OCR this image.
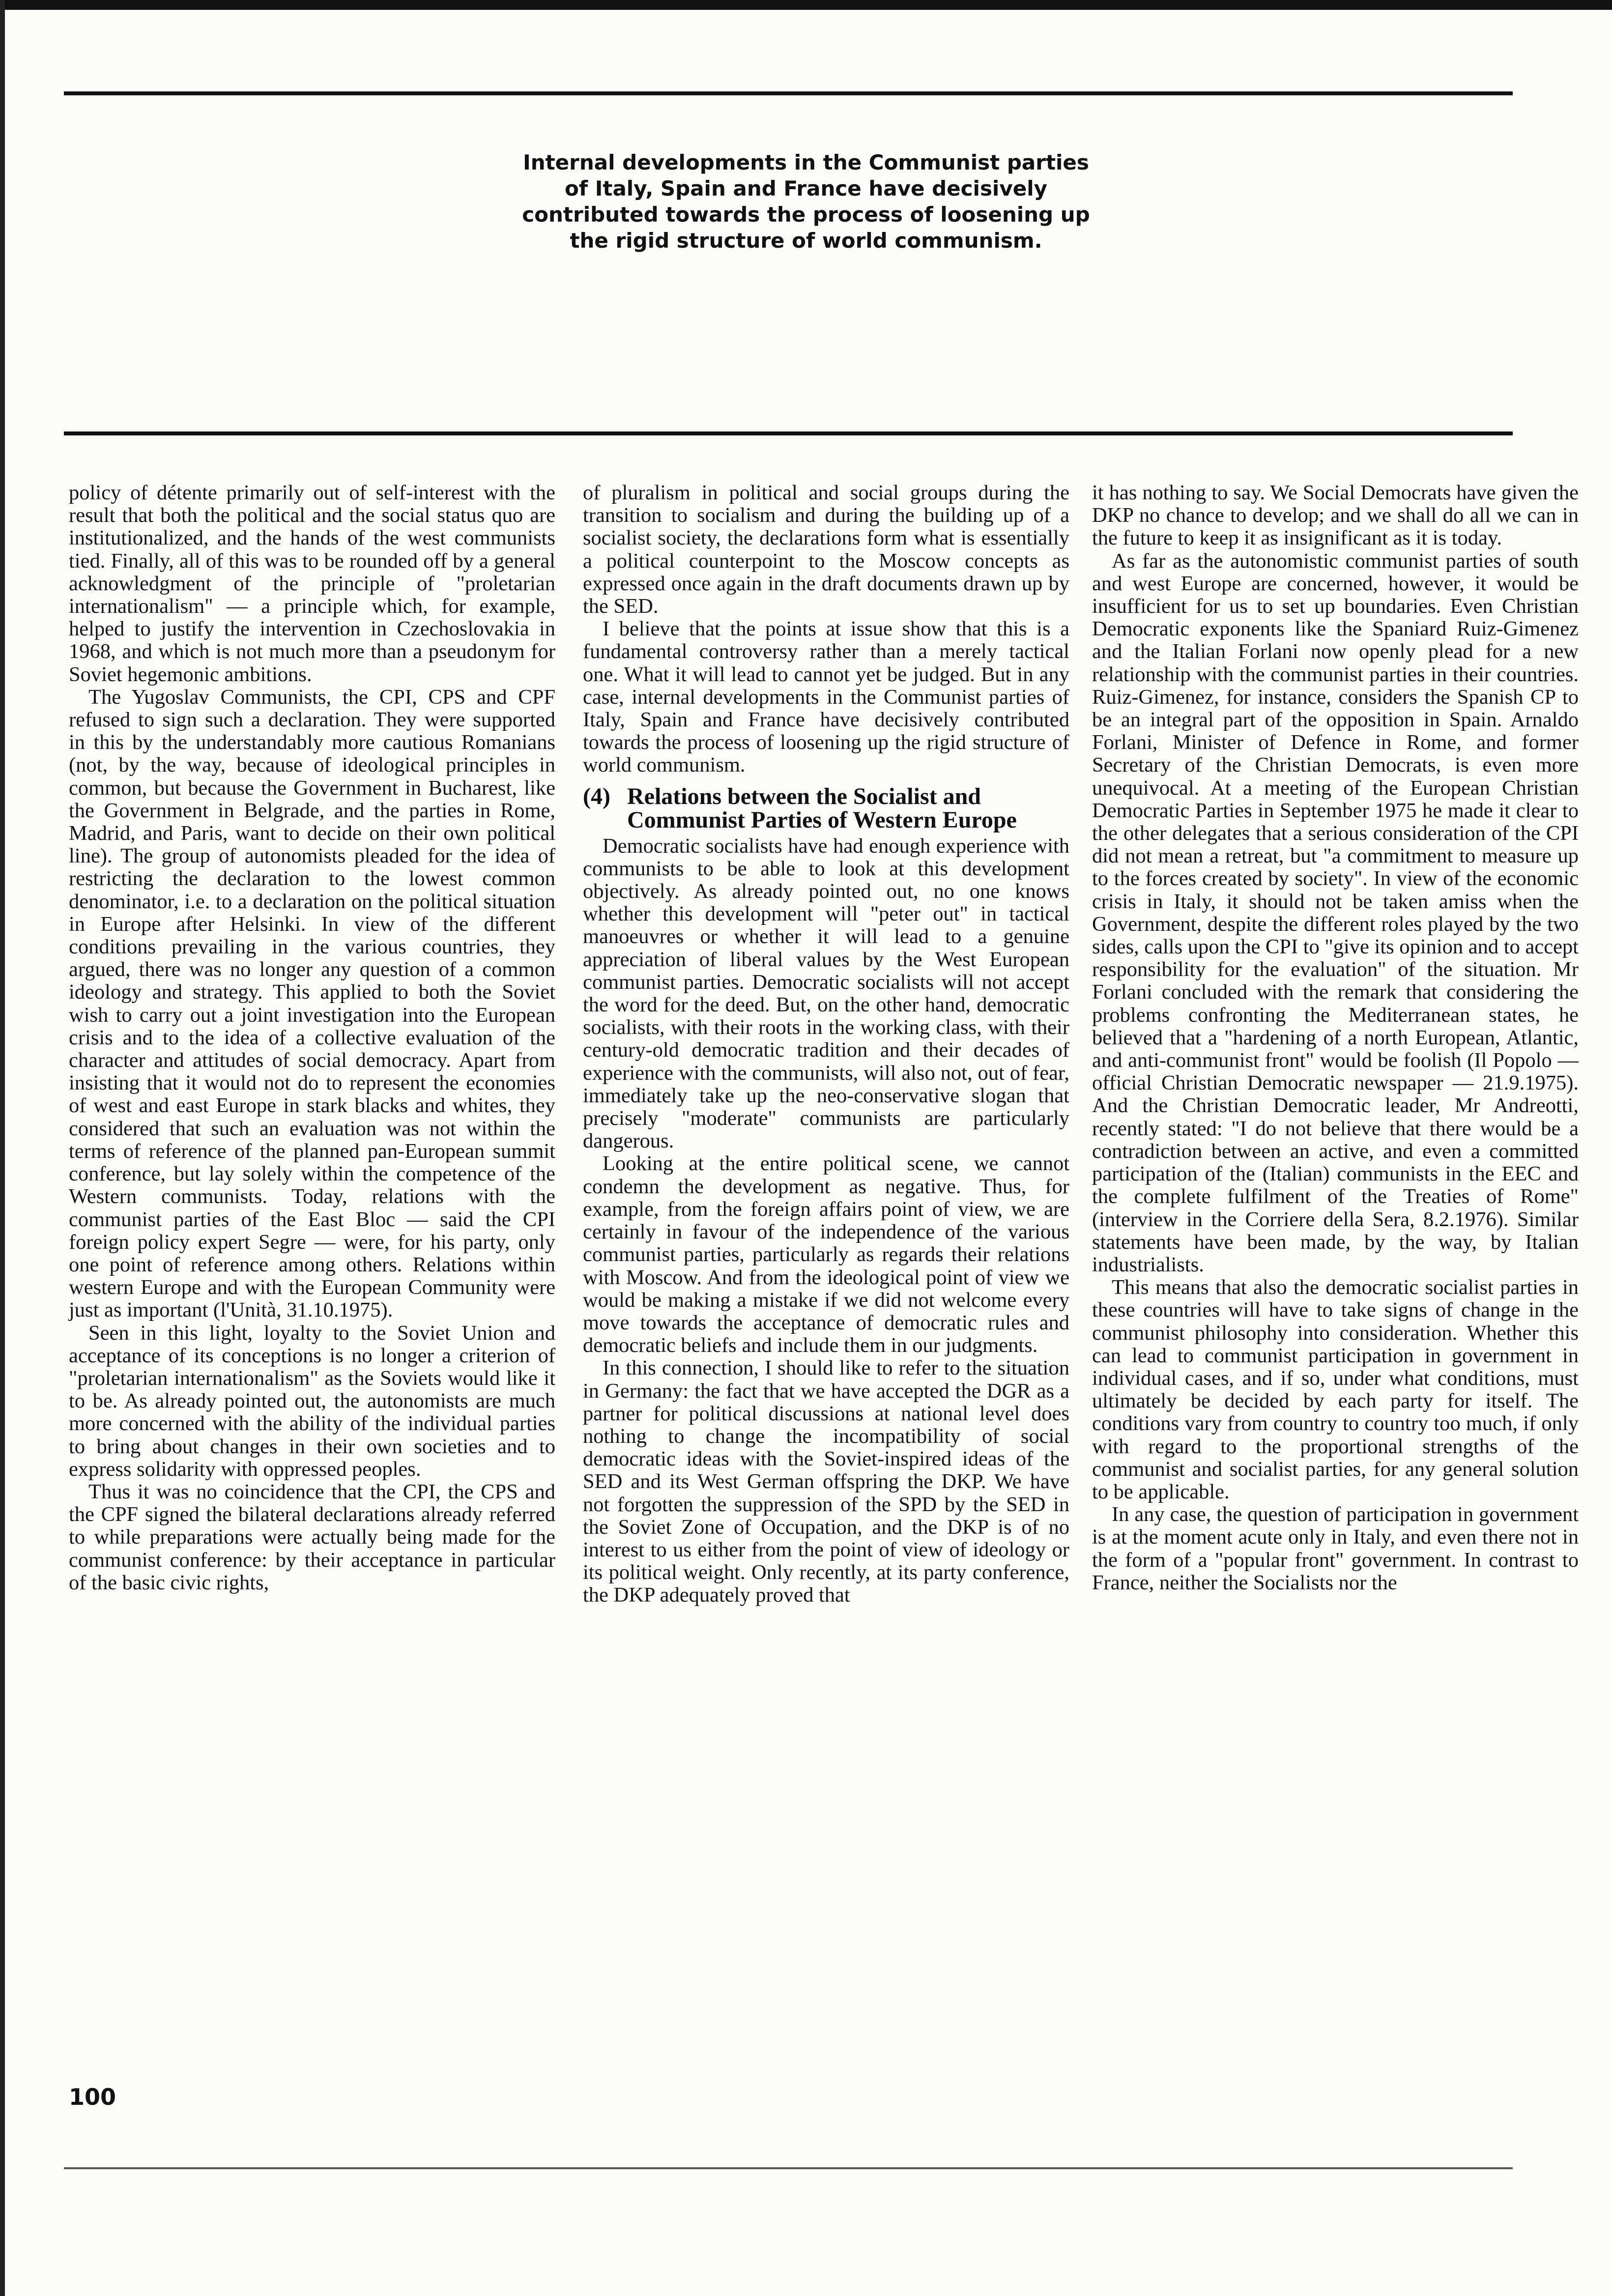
Internal developments in the Communist parties of Italy, Spain and France have decisively contributed towards the process of loosening up the rigid structure of world communism.

policy of détente primarily out of self-interest with the result that both the political and the social status quo are institutionalized, and the hands of the west communists tied. Finally, all of this was to be rounded off by a general acknowledgment of the principle of "proletarian internationalism" — a principle which, for example, helped to justify the intervention in Czechoslovakia in 1968, and which is not much more than a pseudonym for Soviet hegemonic ambitions.

The Yugoslav Communists, the CPI, CPS and CPF refused to sign such a declaration. They were supported in this by the understandably more cautious Romanians (not, by the way, because of ideological principles in common, but because the Government in Bucharest, like the Government in Belgrade, and the parties in Rome, Madrid, and Paris, want to decide on their own political line). The group of autonomists pleaded for the idea of restricting the declaration to the lowest common denominator, i.e. to a declaration on the political situation in Europe after Helsinki. In view of the different conditions prevailing in the various countries, they argued, there was no longer any question of a common ideology and strategy. This applied to both the Soviet wish to carry out a joint investigation into the European crisis and to the idea of a collective evaluation of the character and attitudes of social democracy. Apart from insisting that it would not do to represent the economies of west and east Europe in stark blacks and whites, they considered that such an evaluation was not within the terms of reference of the planned pan-European summit conference, but lay solely within the competence of the Western communists. Today, relations with the communist parties of the East Bloc — said the CPI foreign policy expert Segre — were, for his party, only one point of reference among others. Relations within western Europe and with the European Community were just as important (l'Unità, 31.10.1975).

Seen in this light, loyalty to the Soviet Union and acceptance of its conceptions is no longer a criterion of "proletarian internationalism" as the Soviets would like it to be. As already pointed out, the autonomists are much more concerned with the ability of the individual parties to bring about changes in their own societies and to express solidarity with oppressed peoples.

Thus it was no coincidence that the CPI, the CPS and the CPF signed the bilateral declarations already referred to while preparations were actually being made for the communist conference: by their acceptance in particular of the basic civic rights,

of pluralism in political and social groups during the transition to socialism and during the building up of a socialist society, the declarations form what is essentially a political counterpoint to the Moscow concepts as expressed once again in the draft documents drawn up by the SED.

I believe that the points at issue show that this is a fundamental controversy rather than a merely tactical one. What it will lead to cannot yet be judged. But in any case, internal developments in the Communist parties of Italy, Spain and France have decisively contributed towards the process of loosening up the rigid structure of world communism.

(4) Relations between the Socialist and Communist Parties of Western Europe

Democratic socialists have had enough experience with communists to be able to look at this development objectively. As already pointed out, no one knows whether this development will "peter out" in tactical manoeuvres or whether it will lead to a genuine appreciation of liberal values by the West European communist parties. Democratic socialists will not accept the word for the deed. But, on the other hand, democratic socialists, with their roots in the working class, with their century-old democratic tradition and their decades of experience with the communists, will also not, out of fear, immediately take up the neo-conservative slogan that precisely "moderate" communists are particularly dangerous.

Looking at the entire political scene, we cannot condemn the development as negative. Thus, for example, from the foreign affairs point of view, we are certainly in favour of the independence of the various communist parties, particularly as regards their relations with Moscow. And from the ideological point of view we would be making a mistake if we did not welcome every move towards the acceptance of democratic rules and democratic beliefs and include them in our judgments.

In this connection, I should like to refer to the situation in Germany: the fact that we have accepted the DGR as a partner for political discussions at national level does nothing to change the incompatibility of social democratic ideas with the Soviet-inspired ideas of the SED and its West German offspring the DKP. We have not forgotten the suppression of the SPD by the SED in the Soviet Zone of Occupation, and the DKP is of no interest to us either from the point of view of ideology or its political weight. Only recently, at its party conference, the DKP adequately proved that

it has nothing to say. We Social Democrats have given the DKP no chance to develop; and we shall do all we can in the future to keep it as insignificant as it is today.

As far as the autonomistic communist parties of south and west Europe are concerned, however, it would be insufficient for us to set up boundaries. Even Christian Democratic exponents like the Spaniard Ruiz-Gimenez and the Italian Forlani now openly plead for a new relationship with the communist parties in their countries. Ruiz-Gimenez, for instance, considers the Spanish CP to be an integral part of the opposition in Spain. Arnaldo Forlani, Minister of Defence in Rome, and former Secretary of the Christian Democrats, is even more unequivocal. At a meeting of the European Christian Democratic Parties in September 1975 he made it clear to the other delegates that a serious consideration of the CPI did not mean a retreat, but "a commitment to measure up to the forces created by society". In view of the economic crisis in Italy, it should not be taken amiss when the Government, despite the different roles played by the two sides, calls upon the CPI to "give its opinion and to accept responsibility for the evaluation" of the situation. Mr Forlani concluded with the remark that considering the problems confronting the Mediterranean states, he believed that a "hardening of a north European, Atlantic, and anti-communist front" would be foolish (Il Popolo — official Christian Democratic newspaper — 21.9.1975). And the Christian Democratic leader, Mr Andreotti, recently stated: "I do not believe that there would be a contradiction between an active, and even a committed participation of the (Italian) communists in the EEC and the complete fulfilment of the Treaties of Rome" (interview in the Corriere della Sera, 8.2.1976). Similar statements have been made, by the way, by Italian industrialists.

This means that also the democratic socialist parties in these countries will have to take signs of change in the communist philosophy into consideration. Whether this can lead to communist participation in government in individual cases, and if so, under what conditions, must ultimately be decided by each party for itself. The conditions vary from country to country too much, if only with regard to the proportional strengths of the communist and socialist parties, for any general solution to be applicable.

In any case, the question of participation in government is at the moment acute only in Italy, and even there not in the form of a "popular front" government. In contrast to France, neither the Socialists nor the

100
